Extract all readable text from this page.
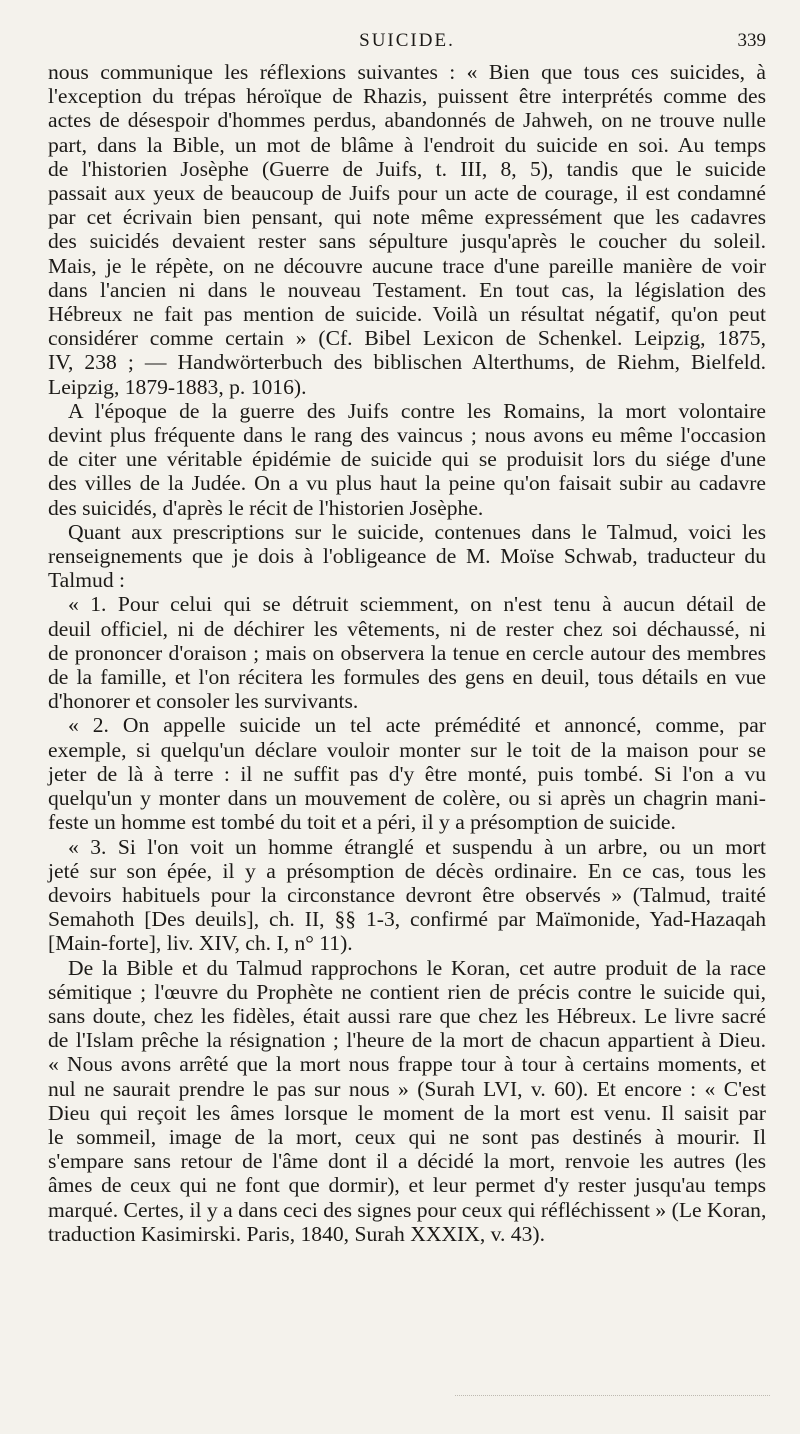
SUICIDE.	339

nous communique les réflexions suivantes : « Bien que tous ces suicides, à
l'exception du trépas héroïque de Rhazis, puissent être interprétés comme des
actes de désespoir d'hommes perdus, abandonnés de Jahweh, on ne trouve nulle
part, dans la Bible, un mot de blâme à l'endroit du suicide en soi. Au temps
de l'historien Josèphe (Guerre de Juifs, t. III, 8, 5), tandis que le suicide
passait aux yeux de beaucoup de Juifs pour un acte de courage, il est condamné
par cet écrivain bien pensant, qui note même expressément que les cadavres
des suicidés devaient rester sans sépulture jusqu'après le coucher du soleil.
Mais, je le répète, on ne découvre aucune trace d'une pareille manière de voir
dans l'ancien ni dans le nouveau Testament. En tout cas, la législation des
Hébreux ne fait pas mention de suicide. Voilà un résultat négatif, qu'on peut
considérer comme certain » (Cf. Bibel Lexicon de Schenkel. Leipzig, 1875,
IV, 238 ; — Handwörterbuch des biblischen Alterthums, de Riehm, Bielfeld.
Leipzig, 1879-1883, p. 1016).

A l'époque de la guerre des Juifs contre les Romains, la mort volontaire
devint plus fréquente dans le rang des vaincus ; nous avons eu même l'occasion
de citer une véritable épidémie de suicide qui se produisit lors du siége d'une
des villes de la Judée. On a vu plus haut la peine qu'on faisait subir au cadavre
des suicidés, d'après le récit de l'historien Josèphe.

Quant aux prescriptions sur le suicide, contenues dans le Talmud, voici les
renseignements que je dois à l'obligeance de M. Moïse Schwab, traducteur du
Talmud :

« 1. Pour celui qui se détruit sciemment, on n'est tenu à aucun détail de
deuil officiel, ni de déchirer les vêtements, ni de rester chez soi déchaussé, ni
de prononcer d'oraison ; mais on observera la tenue en cercle autour des membres
de la famille, et l'on récitera les formules des gens en deuil, tous détails en vue
d'honorer et consoler les survivants.

« 2. On appelle suicide un tel acte prémédité et annoncé, comme, par
exemple, si quelqu'un déclare vouloir monter sur le toit de la maison pour se
jeter de là à terre : il ne suffit pas d'y être monté, puis tombé. Si l'on a vu
quelqu'un y monter dans un mouvement de colère, ou si après un chagrin mani-
feste un homme est tombé du toit et a péri, il y a présomption de suicide.

« 3. Si l'on voit un homme étranglé et suspendu à un arbre, ou un mort
jeté sur son épée, il y a présomption de décès ordinaire. En ce cas, tous les
devoirs habituels pour la circonstance devront être observés » (Talmud, traité
Semahoth [Des deuils], ch. II, §§ 1-3, confirmé par Maïmonide, Yad-Hazaqah
[Main-forte], liv. XIV, ch. I, n° 11).

De la Bible et du Talmud rapprochons le Koran, cet autre produit de la race
sémitique ; l'œuvre du Prophète ne contient rien de précis contre le suicide qui,
sans doute, chez les fidèles, était aussi rare que chez les Hébreux. Le livre sacré
de l'Islam prêche la résignation ; l'heure de la mort de chacun appartient à Dieu.
« Nous avons arrêté que la mort nous frappe tour à tour à certains moments, et
nul ne saurait prendre le pas sur nous » (Surah LVI, v. 60). Et encore : « C'est
Dieu qui reçoit les âmes lorsque le moment de la mort est venu. Il saisit par
le sommeil, image de la mort, ceux qui ne sont pas destinés à mourir. Il
s'empare sans retour de l'âme dont il a décidé la mort, renvoie les autres (les
âmes de ceux qui ne font que dormir), et leur permet d'y rester jusqu'au temps
marqué. Certes, il y a dans ceci des signes pour ceux qui réfléchissent » (Le Koran,
traduction Kasimirski. Paris, 1840, Surah XXXIX, v. 43).
